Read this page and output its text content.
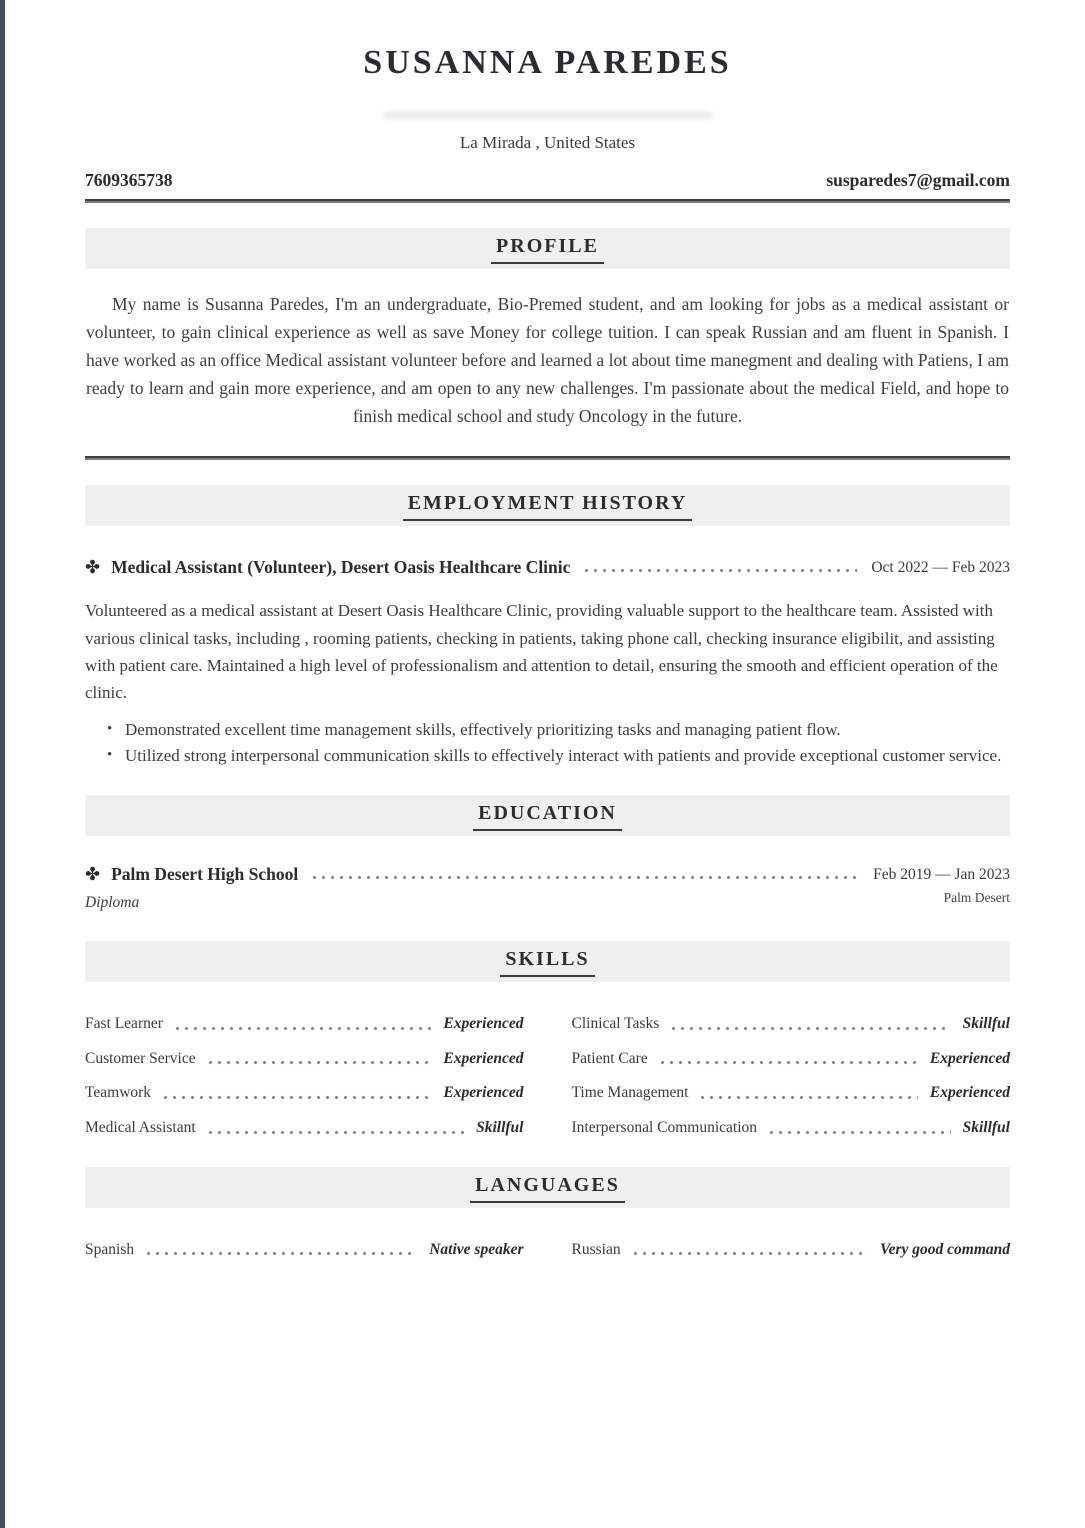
SUSANNA PAREDES
La Mirada , United States
7609365738	susparedes7@gmail.com
PROFILE

My name is Susanna Paredes, I'm an undergraduate, Bio-Premed student, and am looking for jobs as a medical assistant or volunteer, to gain clinical experience as well as save Money for college tuition. I can speak Russian and am fluent in Spanish. I have worked as an office Medical assistant volunteer before and learned a lot about time manegment and dealing with Patiens, I am ready to learn and gain more experience, and am open to any new challenges. I'm passionate about the medical Field, and hope to finish medical school and study Oncology in the future.

EMPLOYMENT HISTORY
✤ Medical Assistant (Volunteer), Desert Oasis Healthcare Clinic	Oct 2022 — Feb 2023

Volunteered as a medical assistant at Desert Oasis Healthcare Clinic, providing valuable support to the healthcare team. Assisted with various clinical tasks, including , rooming patients, checking in patients, taking phone call, checking insurance eligibilit, and assisting with patient care. Maintained a high level of professionalism and attention to detail, ensuring the smooth and efficient operation of the clinic.

• Demonstrated excellent time management skills, effectively prioritizing tasks and managing patient flow.
• Utilized strong interpersonal communication skills to effectively interact with patients and provide exceptional customer service.
EDUCATION
✤ Palm Desert High School	Feb 2019 — Jan 2023
Diploma	Palm Desert
SKILLS
Fast Learner	Experienced
Customer Service	Experienced
Teamwork	Experienced
Medical Assistant	Skillful
Clinical Tasks	Skillful
Patient Care	Experienced
Time Management	Experienced
Interpersonal Communication	Skillful
LANGUAGES
Spanish	Native speaker	Russian	Very good command
